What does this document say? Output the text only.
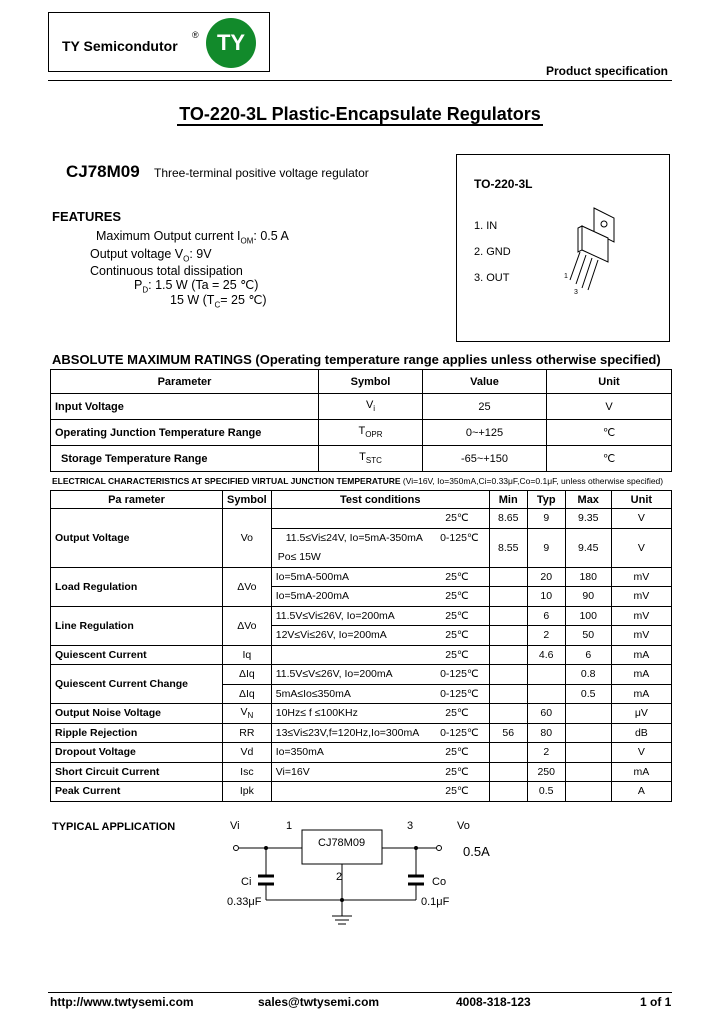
TY Semicondutor
® TY
Product specification
TO-220-3L Plastic-Encapsulate Regulators
CJ78M09 Three-terminal positive voltage regulator
FEATURES
Maximum Output current $I_{OM}$: 0.5 A
Output voltage $V_O$: 9V
Continuous total dissipation
$P_D$: 1.5 W (Ta = 25 ℃)
15 W ($T_C= 25$ ℃)
TO-220-3L
1. IN
2. GND
3. OUT	1
3
ABSOLUTE MAXIMUM RATINGS (Operating temperature range applies unless otherwise specified)
Parameter	Symbol	Value	Unit
Input Voltage	$V_i$	25	V
Operating Junction Temperature Range	$T_{OPR}$	0~+125	℃
Storage Temperature Range	$T_{STC}$	-65~+150	℃
ELECTRICAL CHARACTERISTICS AT SPECIFIED VIRTUAL JUNCTION TEMPERATURE (Vi=16V, Io=350mA,Ci=0.33μF,Co=0.1μF, unless otherwise specified)
Pa rameter	Symbol	Test conditions	Min	Typ	Max	Unit
Output Voltage	Vo	25℃	8.65	9	9.35	V
		11.5≤Vi≤24V, Io=5mA-350mA 0-125℃	8.55	9	9.45	V
		Po≤ 15W				
Load Regulation	ΔVo	Io=5mA-500mA 25℃		20	180	mV
		Io=5mA-200mA 25℃		10	90	mV
Line Regulation	ΔVo	11.5V≤Vi≤26V, Io=200mA 25℃		6	100	mV
		12V≤Vi≤26V, Io=200mA 25℃		2	50	mV
Quiescent Current	Iq	25℃		4.6	6	mA
Quiescent Current Change	ΔIq	11.5V≤V≤26V, Io=200mA 0-125℃			0.8	mA
	ΔIq	5mA≤Io≤350mA 0-125℃			0.5	mA
Output Noise Voltage	$V_N$	10Hz≤ f ≤100KHz 25℃		60		μV
Ripple Rejection	RR	13≤Vi≤23V,f=120Hz,Io=300mA 0-125℃	56	80		dB
Dropout Voltage	Vd	Io=350mA 25℃		2		V
Short Circuit Current	Isc	Vi=16V 25℃		250		mA
Peak Current	Ipk	25℃		0.5		A
TYPICAL APPLICATION	Vi	1	3	Vo
CJ78M09
0.5A
2
Ci
0.33μF
Co
0.1μF
http://www.twtysemi.com	sales@twtysemi.com	4008-318-123	1 of 1
